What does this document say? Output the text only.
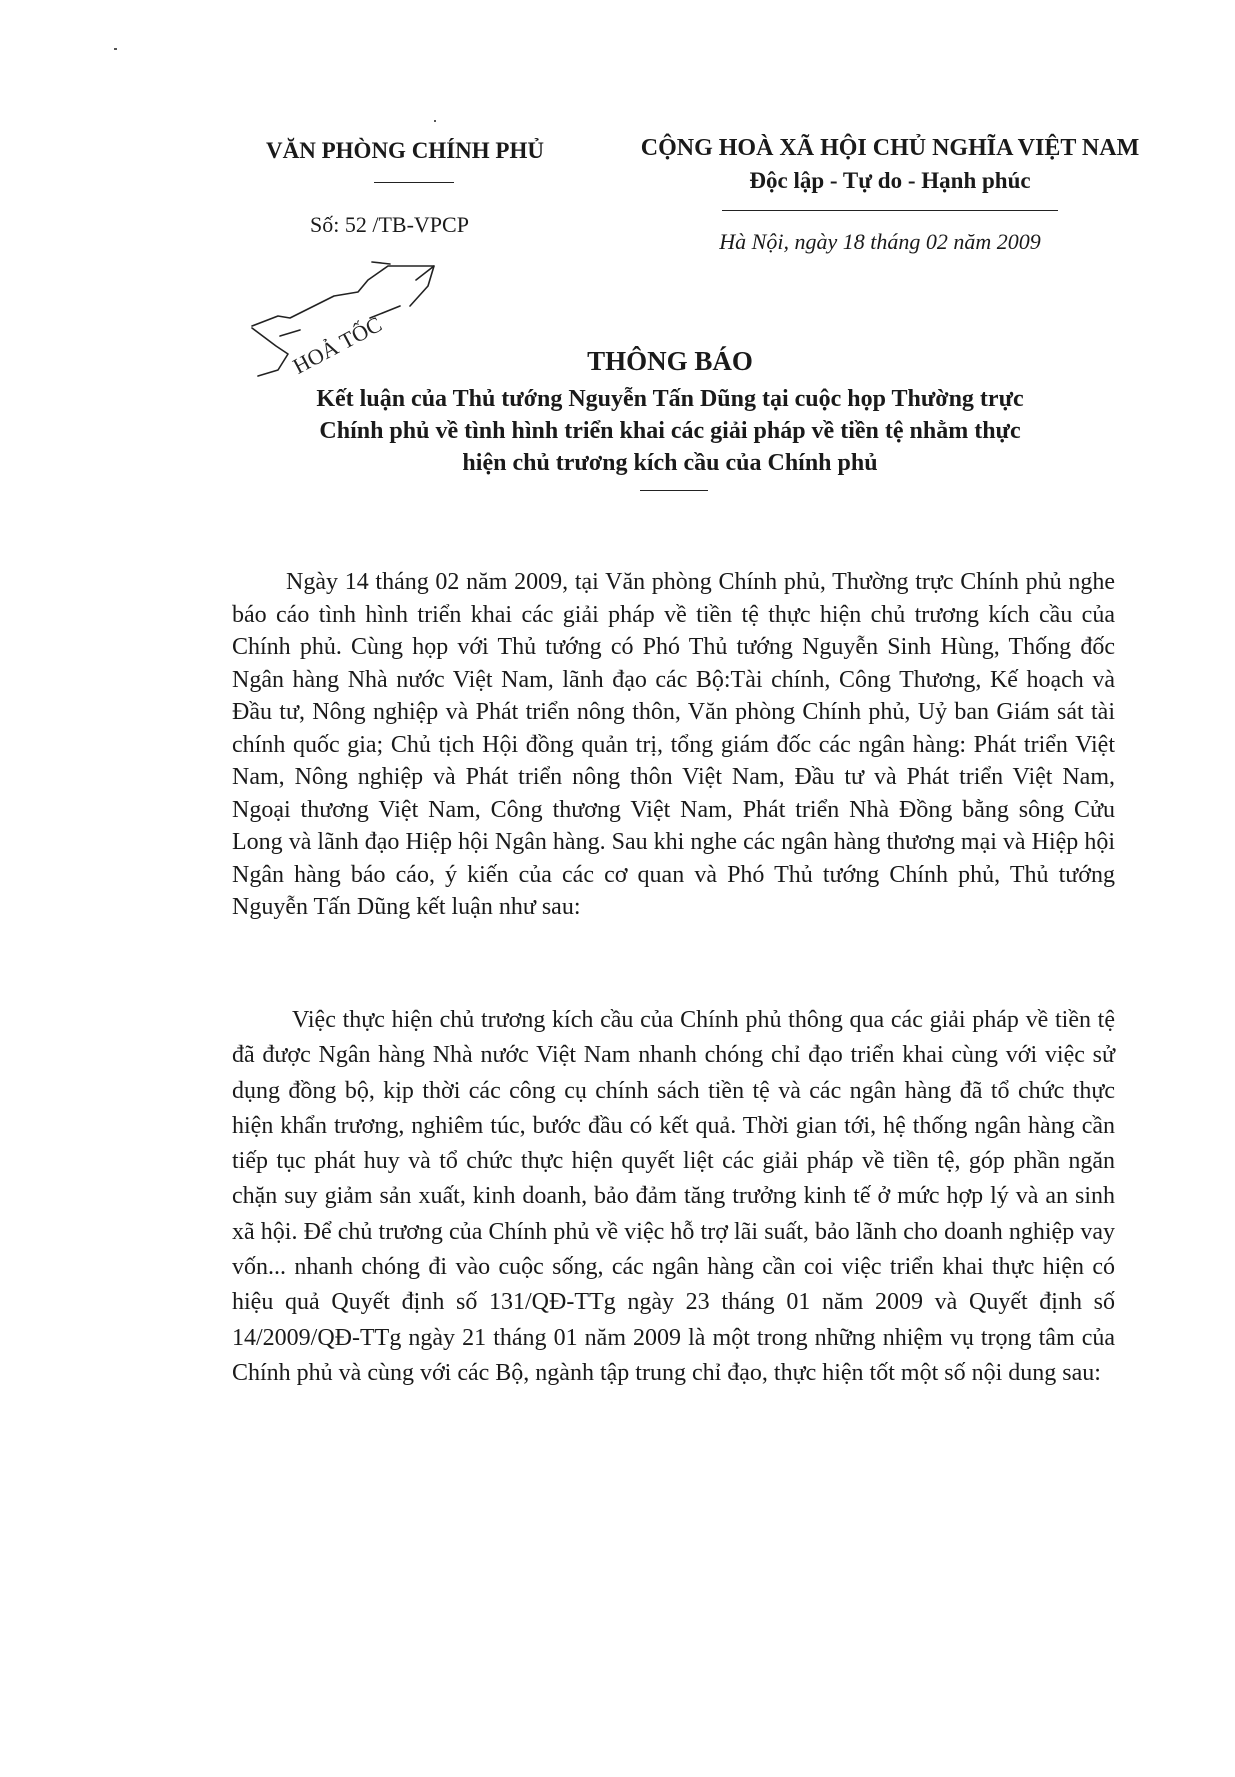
VĂN PHÒNG CHÍNH PHỦ
Số: 52 /TB-VPCP
CỘNG HOÀ XÃ HỘI CHỦ NGHĨA VIỆT NAM
Độc lập - Tự do - Hạnh phúc
Hà Nội, ngày 18 tháng 02 năm 2009
HOẢ TỐC	THÔNG BÁO
Kết luận của Thủ tướng Nguyễn Tấn Dũng tại cuộc họp Thường trực
Chính phủ về tình hình triển khai các giải pháp về tiền tệ nhằm thực
hiện chủ trương kích cầu của Chính phủ
Ngày 14 tháng 02 năm 2009, tại Văn phòng Chính phủ, Thường trực Chính phủ nghe báo cáo tình hình triển khai các giải pháp về tiền tệ thực hiện chủ trương kích cầu của Chính phủ. Cùng họp với Thủ tướng có Phó Thủ tướng Nguyễn Sinh Hùng, Thống đốc Ngân hàng Nhà nước Việt Nam, lãnh đạo các Bộ:Tài chính, Công Thương, Kế hoạch và Đầu tư, Nông nghiệp và Phát triển nông thôn, Văn phòng Chính phủ, Uỷ ban Giám sát tài chính quốc gia; Chủ tịch Hội đồng quản trị, tổng giám đốc các ngân hàng: Phát triển Việt Nam, Nông nghiệp và Phát triển nông thôn Việt Nam, Đầu tư và Phát triển Việt Nam, Ngoại thương Việt Nam, Công thương Việt Nam, Phát triển Nhà Đồng bằng sông Cửu Long và lãnh đạo Hiệp hội Ngân hàng. Sau khi nghe các ngân hàng thương mại và Hiệp hội Ngân hàng báo cáo, ý kiến của các cơ quan và Phó Thủ tướng Chính phủ, Thủ tướng Nguyễn Tấn Dũng kết luận như sau:
Việc thực hiện chủ trương kích cầu của Chính phủ thông qua các giải pháp về tiền tệ đã được Ngân hàng Nhà nước Việt Nam nhanh chóng chỉ đạo triển khai cùng với việc sử dụng đồng bộ, kịp thời các công cụ chính sách tiền tệ và các ngân hàng đã tổ chức thực hiện khẩn trương, nghiêm túc, bước đầu có kết quả. Thời gian tới, hệ thống ngân hàng cần tiếp tục phát huy và tổ chức thực hiện quyết liệt các giải pháp về tiền tệ, góp phần ngăn chặn suy giảm sản xuất, kinh doanh, bảo đảm tăng trưởng kinh tế ở mức hợp lý và an sinh xã hội. Để chủ trương của Chính phủ về việc hỗ trợ lãi suất, bảo lãnh cho doanh nghiệp vay vốn... nhanh chóng đi vào cuộc sống, các ngân hàng cần coi việc triển khai thực hiện có hiệu quả Quyết định số 131/QĐ-TTg ngày 23 tháng 01 năm 2009 và Quyết định số 14/2009/QĐ-TTg ngày 21 tháng 01 năm 2009 là một trong những nhiệm vụ trọng tâm của Chính phủ và cùng với các Bộ, ngành tập trung chỉ đạo, thực hiện tốt một số nội dung sau:
